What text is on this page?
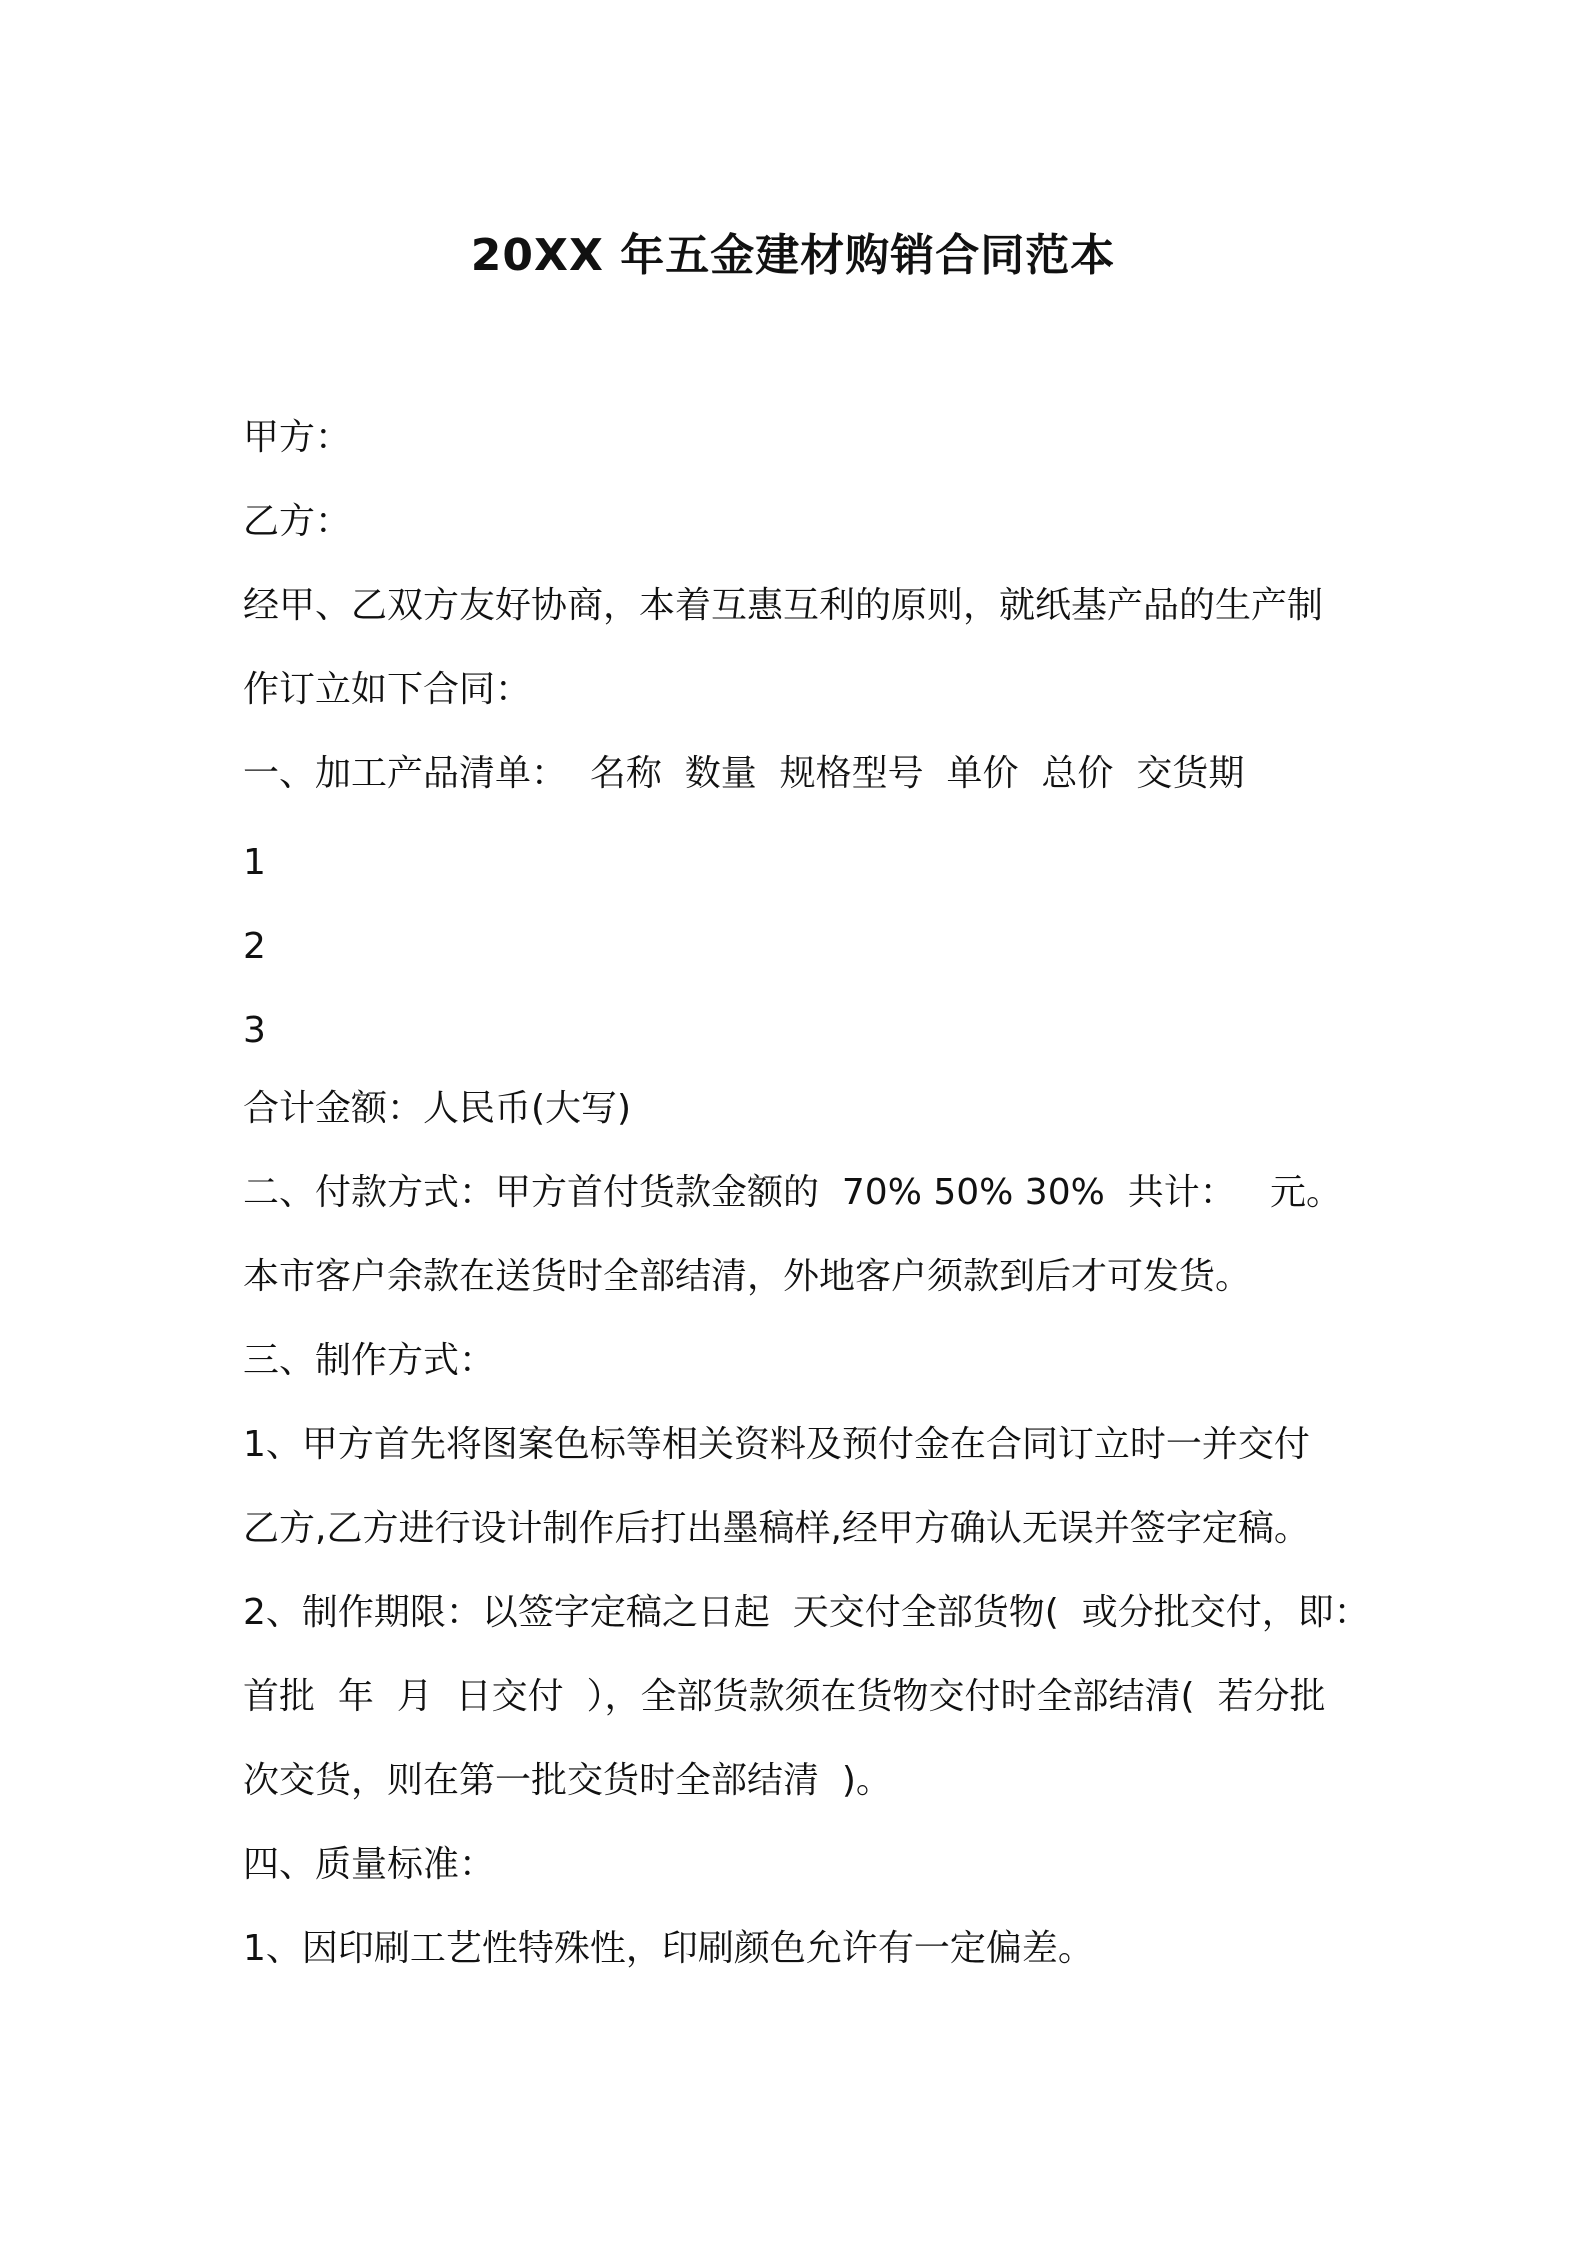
20XX 年五金建材购销合同范本
甲方：
乙方：
经甲、乙双方友好协商，本着互惠互利的原则，就纸基产品的生产制
作订立如下合同：
一、加工产品清单：  名称  数量  规格型号  单价  总价  交货期
1
2
3
合计金额：人民币(大写)
二、付款方式：甲方首付货款金额的  70% 50% 30%  共计：   元。
本市客户余款在送货时全部结清，外地客户须款到后才可发货。
三、制作方式：
1、甲方首先将图案色标等相关资料及预付金在合同订立时一并交付
乙方,乙方进行设计制作后打出墨稿样,经甲方确认无误并签字定稿。
2、制作期限：以签字定稿之日起  天交付全部货物(  或分批交付，即：
首批  年  月  日交付  ），全部货款须在货物交付时全部结清(  若分批
次交货，则在第一批交货时全部结清  )。
四、质量标准：
1、因印刷工艺性特殊性，印刷颜色允许有一定偏差。
